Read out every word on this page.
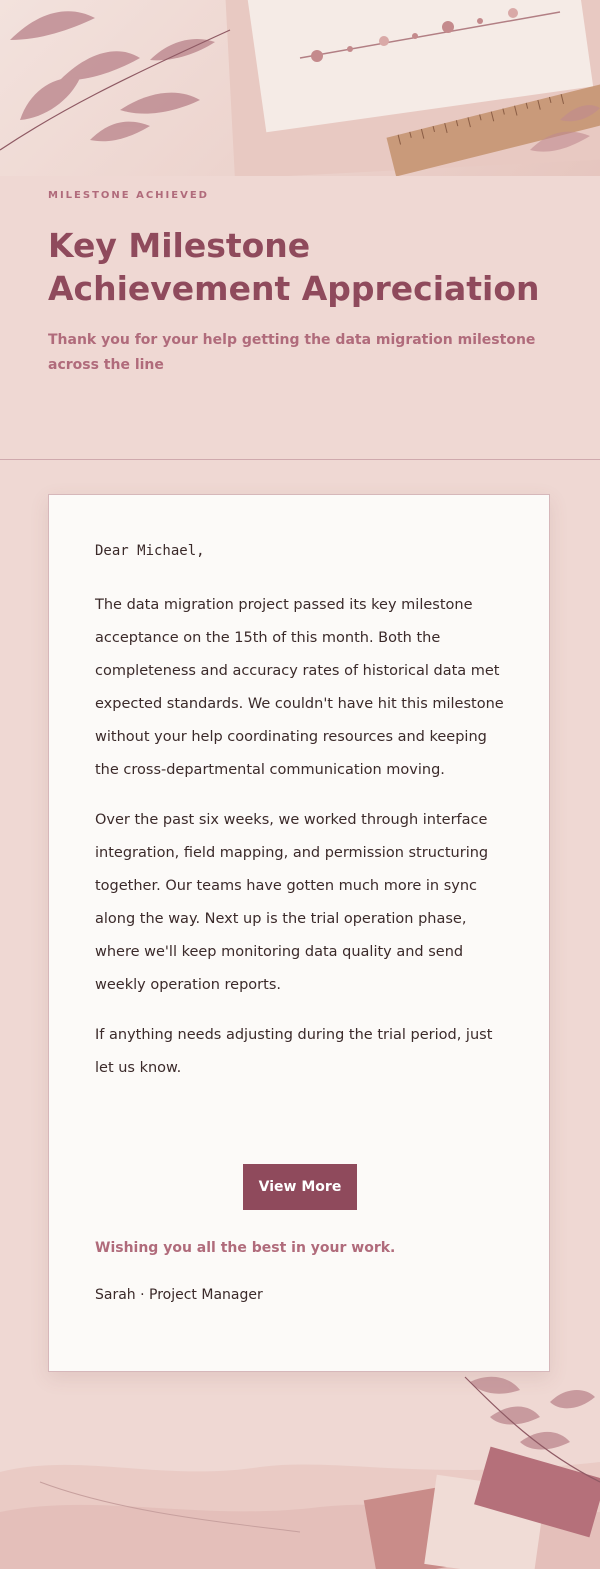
MILESTONE ACHIEVED
Key Milestone Achievement Appreciation
Thank you for your help getting the data migration milestone across the line

Dear Michael,

The data migration project passed its key milestone acceptance on the 15th of this month. Both the completeness and accuracy rates of historical data met expected standards. We couldn't have hit this milestone without your help coordinating resources and keeping the cross-departmental communication moving.

Over the past six weeks, we worked through interface integration, field mapping, and permission structuring together. Our teams have gotten much more in sync along the way. Next up is the trial operation phase, where we'll keep monitoring data quality and send weekly operation reports.

If anything needs adjusting during the trial period, just let us know.

View More
Wishing you all the best in your work.
Sarah · Project Manager
